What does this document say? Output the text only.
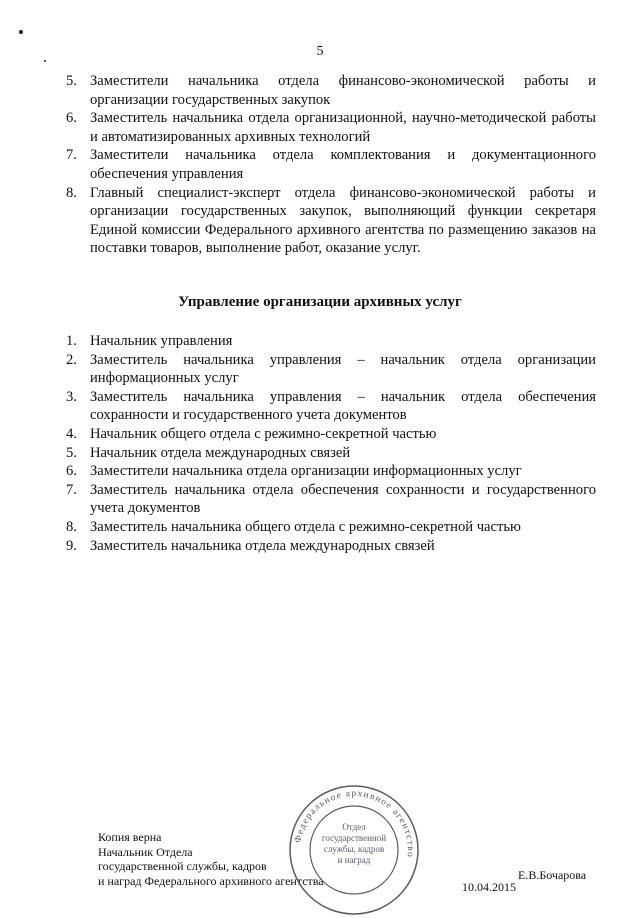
5
5. Заместители начальника отдела финансово-экономической работы и организации государственных закупок
6. Заместитель начальника отдела организационной, научно-методической работы и автоматизированных архивных технологий
7. Заместители начальника отдела комплектования и документационного обеспечения управления
8. Главный специалист-эксперт отдела финансово-экономической работы и организации государственных закупок, выполняющий функции секретаря Единой комиссии Федерального архивного агентства по размещению заказов на поставки товаров, выполнение работ, оказание услуг.
Управление организации архивных услуг
1. Начальник управления
2. Заместитель начальника управления – начальник отдела организации информационных услуг
3. Заместитель начальника управления – начальник отдела обеспечения сохранности и государственного учета документов
4. Начальник общего отдела с режимно-секретной частью
5. Начальник отдела международных связей
6. Заместители начальника отдела организации информационных услуг
7. Заместитель начальника отдела обеспечения сохранности и государственного учета документов
8. Заместитель начальника общего отдела с режимно-секретной частью
9. Заместитель начальника отдела международных связей
Копия верна
Начальник Отдела
государственной службы, кадров
и наград Федерального архивного агентства
Федеральное архивное агентство
Отдел
государственной
службы, кадров
и наград
Е.В.Бочарова
10.04.2015
